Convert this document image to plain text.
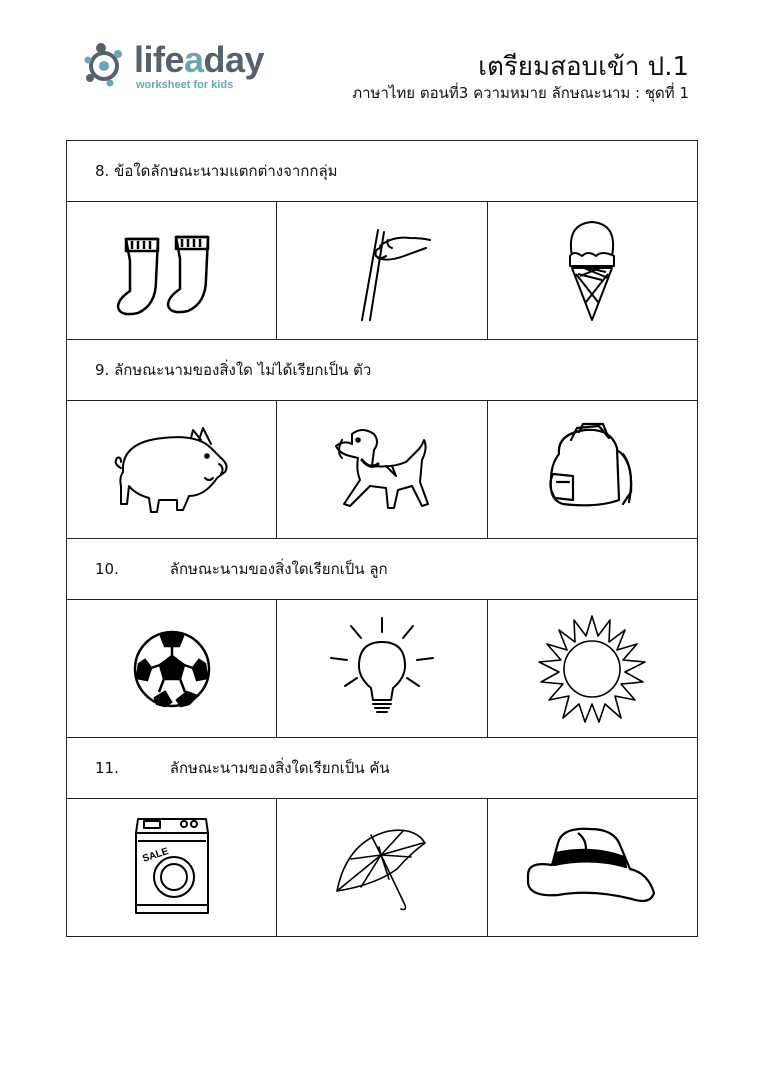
lifeaday
worksheet for kids
เตรียมสอบเข้า ป.1
ภาษาไทย ตอนที่3 ความหมาย ลักษณะนาม : ชุดที่ 1
8. ข้อใดลักษณะนามแตกต่างจากกลุ่ม		

9. ลักษณะนามของสิ่งใด ไม่ได้เรียกเป็น ตัว		

10. ลักษณะนามของสิ่งใดเรียกเป็น ลูก		

11. ลักษณะนามของสิ่งใดเรียกเป็น คัน		

SALE
